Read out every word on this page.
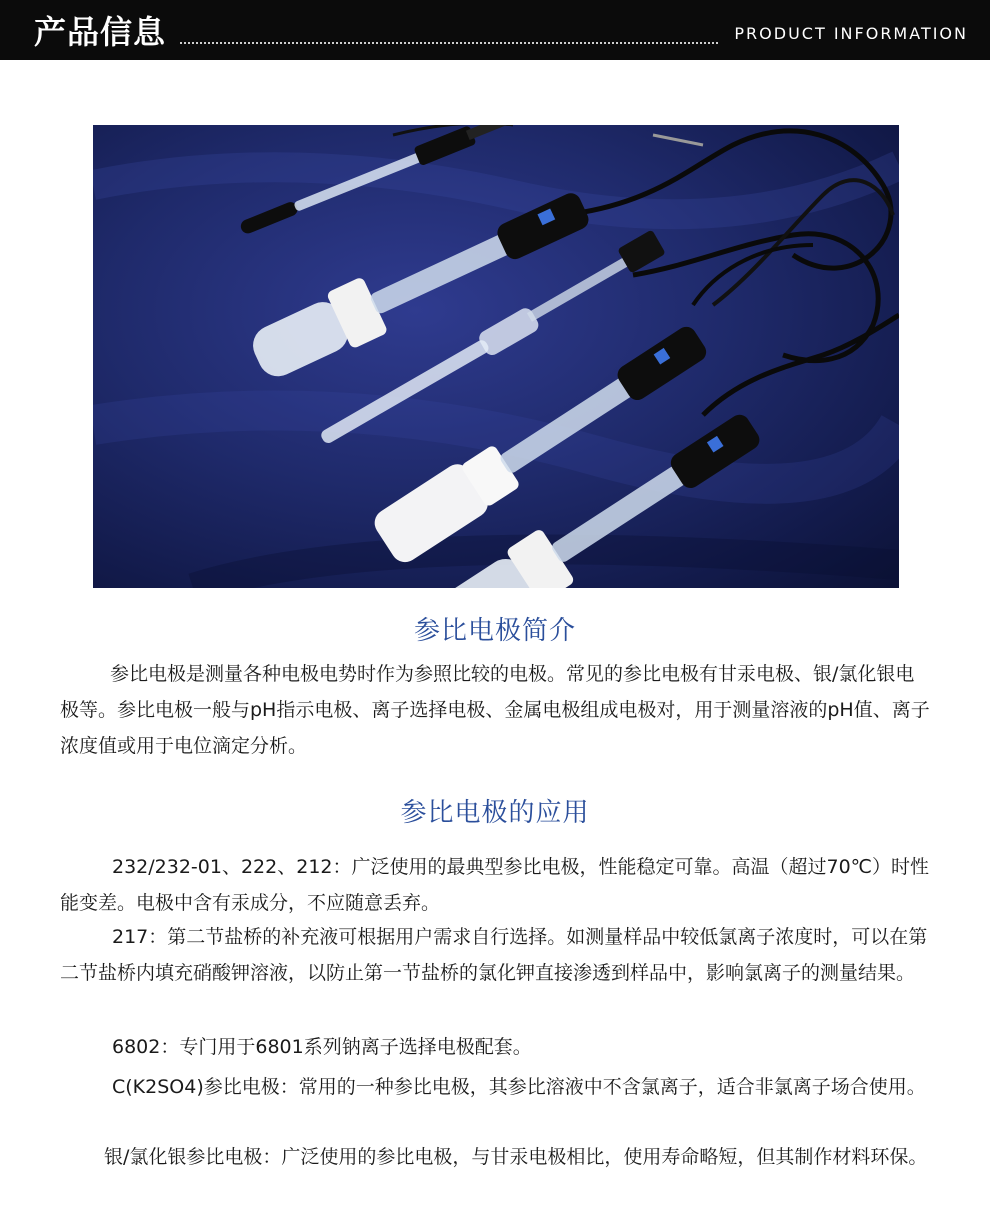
产品信息	PRODUCT INFORMATION
参比电极简介
参比电极是测量各种电极电势时作为参照比较的电极。常见的参比电极有甘汞电极、银/氯化银电极等。参比电极一般与pH指示电极、离子选择电极、金属电极组成电极对，用于测量溶液的pH值、离子浓度值或用于电位滴定分析。
参比电极的应用
232/232-01、222、212：广泛使用的最典型参比电极，性能稳定可靠。高温（超过70℃）时性能变差。电极中含有汞成分，不应随意丢弃。
217：第二节盐桥的补充液可根据用户需求自行选择。如测量样品中较低氯离子浓度时，可以在第二节盐桥内填充硝酸钾溶液，以防止第一节盐桥的氯化钾直接渗透到样品中，影响氯离子的测量结果。
6802：专门用于6801系列钠离子选择电极配套。
C(K2SO4)参比电极：常用的一种参比电极，其参比溶液中不含氯离子，适合非氯离子场合使用。
银/氯化银参比电极：广泛使用的参比电极，与甘汞电极相比，使用寿命略短，但其制作材料环保。
